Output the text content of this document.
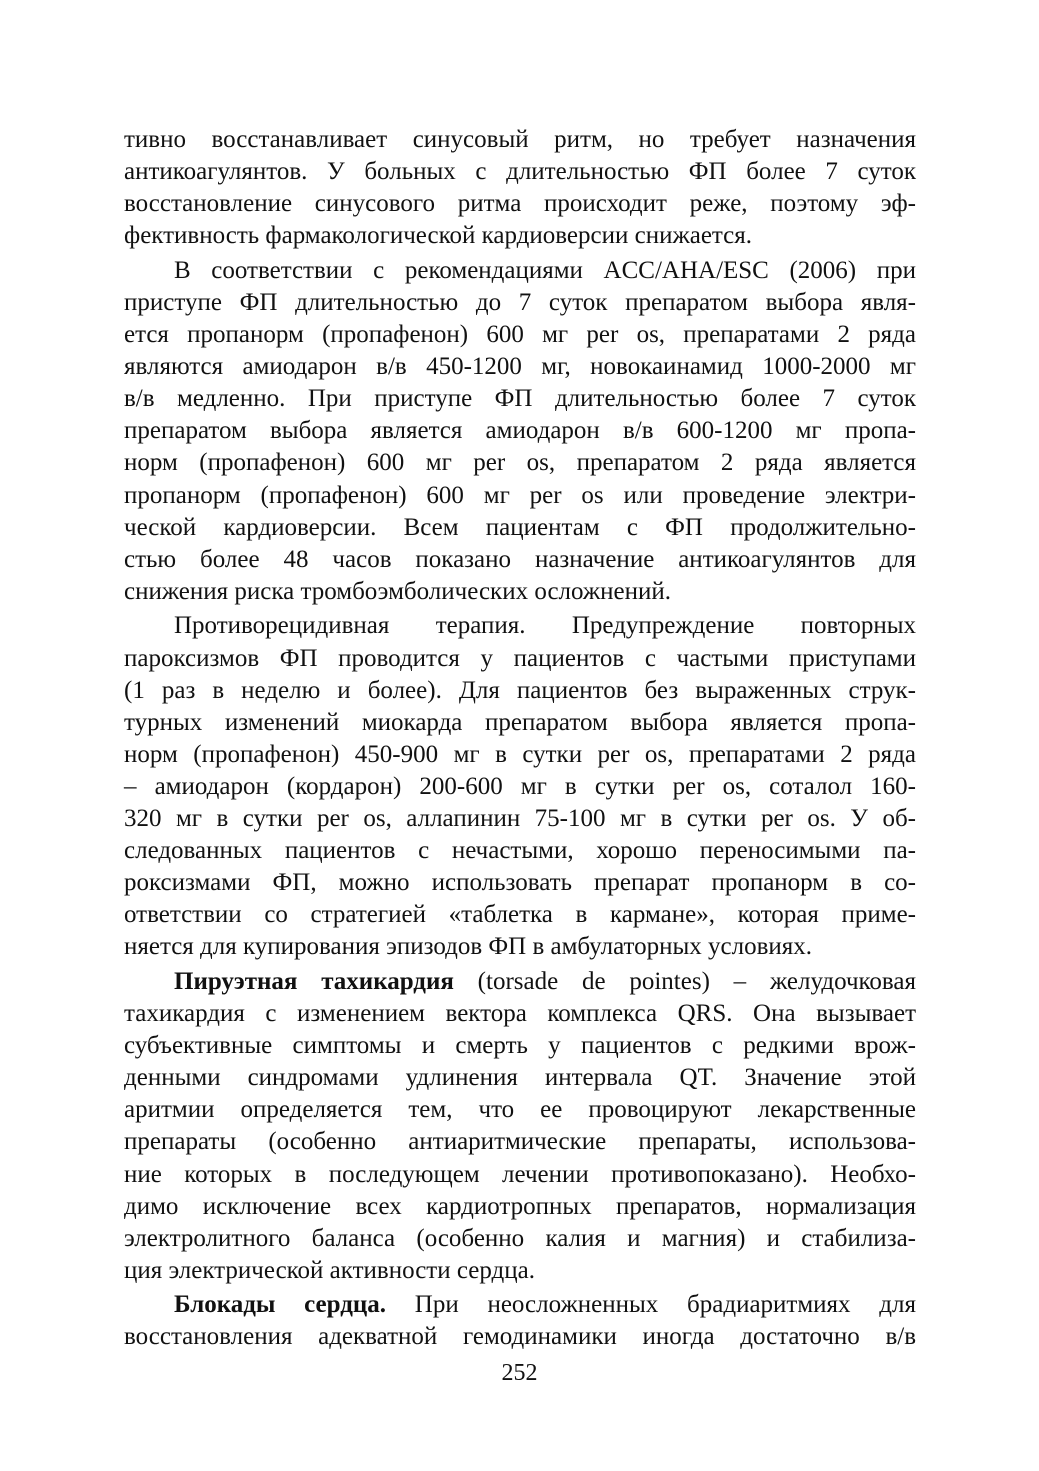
тивно восстанавливает синусовый ритм, но требует назначения
антикоагулянтов. У больных с длительностью ФП более 7 суток
восстановление синусового ритма происходит реже, поэтому эф-
фективность фармакологической кардиоверсии снижается.
В соответствии с рекомендациями ACC/AHA/ESC (2006) при
приступе ФП длительностью до 7 суток препаратом выбора явля-
ется пропанорм (пропафенон) 600 мг per os, препаратами 2 ряда
являются амиодарон в/в 450-1200 мг, новокаинамид 1000-2000 мг
в/в медленно. При приступе ФП длительностью более 7 суток
препаратом выбора является амиодарон в/в 600-1200 мг пропа-
норм (пропафенон) 600 мг per os, препаратом 2 ряда является
пропанорм (пропафенон) 600 мг per os или проведение электри-
ческой кардиоверсии. Всем пациентам с ФП продолжительно-
стью более 48 часов показано назначение антикоагулянтов для
снижения риска тромбоэмболических осложнений.
Противорецидивная терапия. Предупреждение повторных
пароксизмов ФП проводится у пациентов с частыми приступами
(1 раз в неделю и более). Для пациентов без выраженных струк-
турных изменений миокарда препаратом выбора является пропа-
норм (пропафенон) 450-900 мг в сутки per os, препаратами 2 ряда
– амиодарон (кордарон) 200-600 мг в сутки per os, соталол 160-
320 мг в сутки per os, аллапинин 75-100 мг в сутки per os. У об-
следованных пациентов с нечастыми, хорошо переносимыми па-
роксизмами ФП, можно использовать препарат пропанорм в со-
ответствии со стратегией «таблетка в кармане», которая приме-
няется для купирования эпизодов ФП в амбулаторных условиях.
Пируэтная тахикардия (torsade de pointes) – желудочковая
тахикардия с изменением вектора комплекса QRS. Она вызывает
субъективные симптомы и смерть у пациентов с редкими врож-
денными синдромами удлинения интервала QT. Значение этой
аритмии определяется тем, что ее провоцируют лекарственные
препараты (особенно антиаритмические препараты, использова-
ние которых в последующем лечении противопоказано). Необхо-
димо исключение всех кардиотропных препаратов, нормализация
электролитного баланса (особенно калия и магния) и стабилиза-
ция электрической активности сердца.
Блокады сердца. При неосложненных брадиаритмиях для
восстановления адекватной гемодинамики иногда достаточно в/в
252
